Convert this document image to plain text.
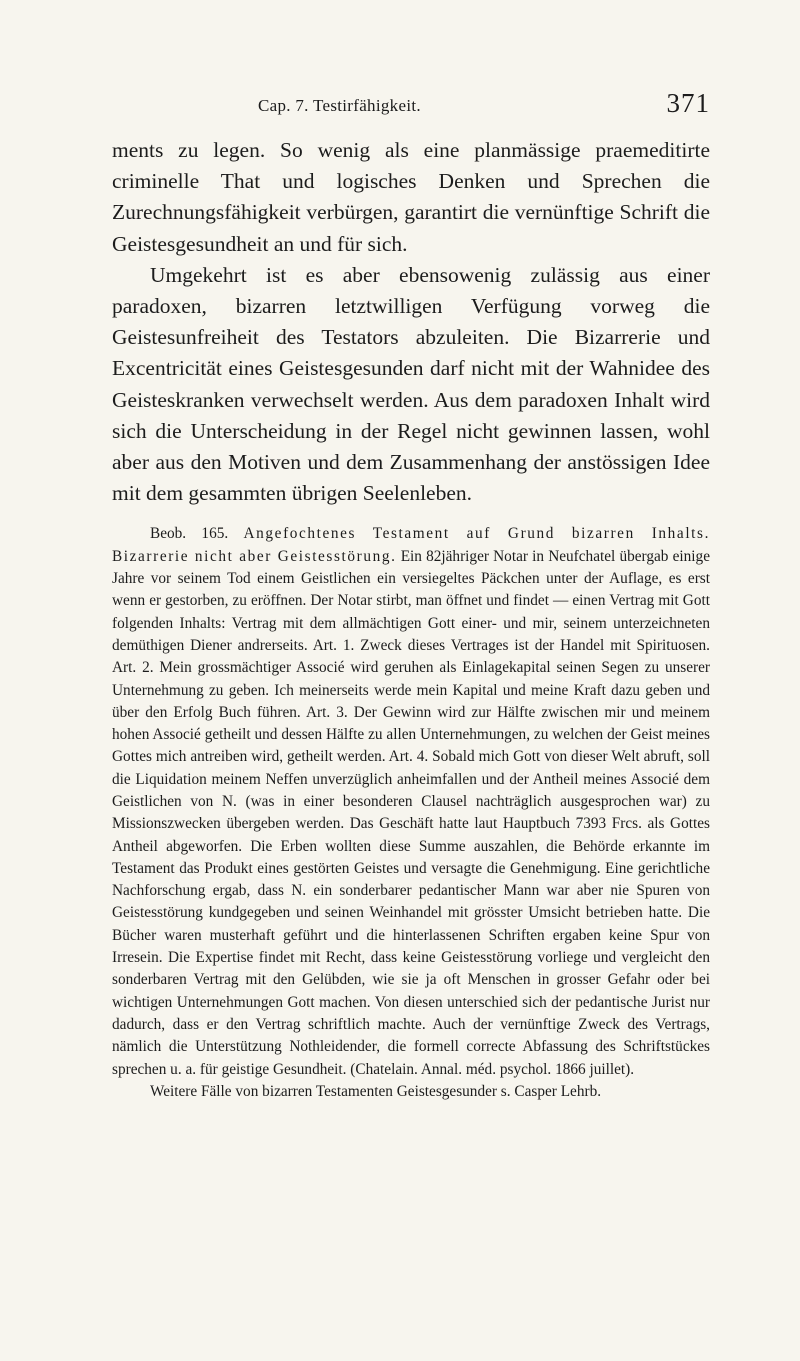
Cap. 7. Testirfähigkeit.	371

ments zu legen. So wenig als eine planmässige praemeditirte criminelle That und logisches Denken und Sprechen die Zurechnungsfähigkeit verbürgen, garantirt die vernünftige Schrift die Geistesgesundheit an und für sich.

Umgekehrt ist es aber ebensowenig zulässig aus einer paradoxen, bizarren letztwilligen Verfügung vorweg die Geistesunfreiheit des Testators abzuleiten. Die Bizarrerie und Excentricität eines Geistesgesunden darf nicht mit der Wahnidee des Geisteskranken verwechselt werden. Aus dem paradoxen Inhalt wird sich die Unterscheidung in der Regel nicht gewinnen lassen, wohl aber aus den Motiven und dem Zusammenhang der anstössigen Idee mit dem gesammten übrigen Seelenleben.

Beob. 165. Angefochtenes Testament auf Grund bizarren Inhalts. Bizarrerie nicht aber Geistesstörung. Ein 82jähriger Notar in Neufchatel übergab einige Jahre vor seinem Tod einem Geistlichen ein versiegeltes Päckchen unter der Auflage, es erst wenn er gestorben, zu eröffnen. Der Notar stirbt, man öffnet und findet — einen Vertrag mit Gott folgenden Inhalts: Vertrag mit dem allmächtigen Gott einer- und mir, seinem unterzeichneten demüthigen Diener andrerseits. Art. 1. Zweck dieses Vertrages ist der Handel mit Spirituosen. Art. 2. Mein grossmächtiger Associé wird geruhen als Einlagekapital seinen Segen zu unserer Unternehmung zu geben. Ich meinerseits werde mein Kapital und meine Kraft dazu geben und über den Erfolg Buch führen. Art. 3. Der Gewinn wird zur Hälfte zwischen mir und meinem hohen Associé getheilt und dessen Hälfte zu allen Unternehmungen, zu welchen der Geist meines Gottes mich antreiben wird, getheilt werden. Art. 4. Sobald mich Gott von dieser Welt abruft, soll die Liquidation meinem Neffen unverzüglich anheimfallen und der Antheil meines Associé dem Geistlichen von N. (was in einer besonderen Clausel nachträglich ausgesprochen war) zu Missionszwecken übergeben werden. Das Geschäft hatte laut Hauptbuch 7393 Frcs. als Gottes Antheil abgeworfen. Die Erben wollten diese Summe auszahlen, die Behörde erkannte im Testament das Produkt eines gestörten Geistes und versagte die Genehmigung. Eine gerichtliche Nachforschung ergab, dass N. ein sonderbarer pedantischer Mann war aber nie Spuren von Geistesstörung kundgegeben und seinen Weinhandel mit grösster Umsicht betrieben hatte. Die Bücher waren musterhaft geführt und die hinterlassenen Schriften ergaben keine Spur von Irresein. Die Expertise findet mit Recht, dass keine Geistesstörung vorliege und vergleicht den sonderbaren Vertrag mit den Gelübden, wie sie ja oft Menschen in grosser Gefahr oder bei wichtigen Unternehmungen Gott machen. Von diesen unterschied sich der pedantische Jurist nur dadurch, dass er den Vertrag schriftlich machte. Auch der vernünftige Zweck des Vertrags, nämlich die Unterstützung Nothleidender, die formell correcte Abfassung des Schriftstückes sprechen u. a. für geistige Gesundheit. (Chatelain. Annal. méd. psychol. 1866 juillet).

Weitere Fälle von bizarren Testamenten Geistesgesunder s. Casper Lehrb.
